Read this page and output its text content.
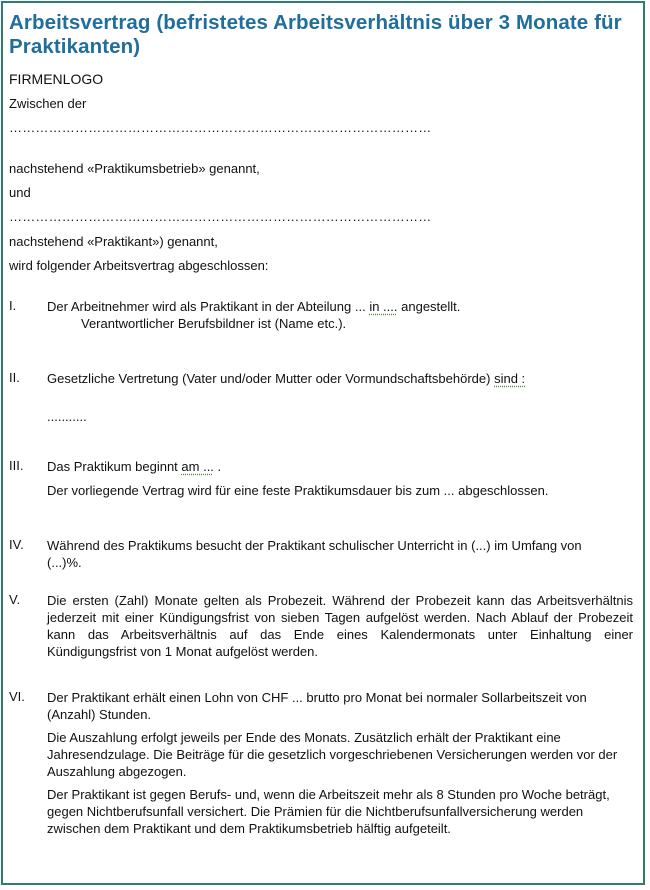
Arbeitsvertrag (befristetes Arbeitsverhältnis über 3 Monate für Praktikanten)
FIRMENLOGO
Zwischen der
……………………………………………………………………………………
nachstehend «Praktikumsbetrieb» genannt,
und
……………………………………………………………………………………
nachstehend «Praktikant») genannt,
wird folgender Arbeitsvertrag abgeschlossen:
I. Der Arbeitnehmer wird als Praktikant in der Abteilung ... in .... angestellt.
Verantwortlicher Berufsbildner ist (Name etc.).
II. Gesetzliche Vertretung (Vater und/oder Mutter oder Vormundschaftsbehörde) sind :
...........
III. Das Praktikum beginnt am ... .
Der vorliegende Vertrag wird für eine feste Praktikumsdauer bis zum ... abgeschlossen.
IV. Während des Praktikums besucht der Praktikant schulischer Unterricht in (...) im Umfang von (...)%.
V. Die ersten (Zahl) Monate gelten als Probezeit. Während der Probezeit kann das Arbeitsverhältnis jederzeit mit einer Kündigungsfrist von sieben Tagen aufgelöst werden. Nach Ablauf der Probezeit kann das Arbeitsverhältnis auf das Ende eines Kalendermonats unter Einhaltung einer Kündigungsfrist von 1 Monat aufgelöst werden.
VI. Der Praktikant erhält einen Lohn von CHF ... brutto pro Monat bei normaler Sollarbeitszeit von (Anzahl) Stunden.
Die Auszahlung erfolgt jeweils per Ende des Monats. Zusätzlich erhält der Praktikant eine Jahresendzulage. Die Beiträge für die gesetzlich vorgeschriebenen Versicherungen werden vor der Auszahlung abgezogen.
Der Praktikant ist gegen Berufs- und, wenn die Arbeitszeit mehr als 8 Stunden pro Woche beträgt, gegen Nichtberufsunfall versichert. Die Prämien für die Nichtberufsunfallversicherung werden zwischen dem Praktikant und dem Praktikumsbetrieb hälftig aufgeteilt.
